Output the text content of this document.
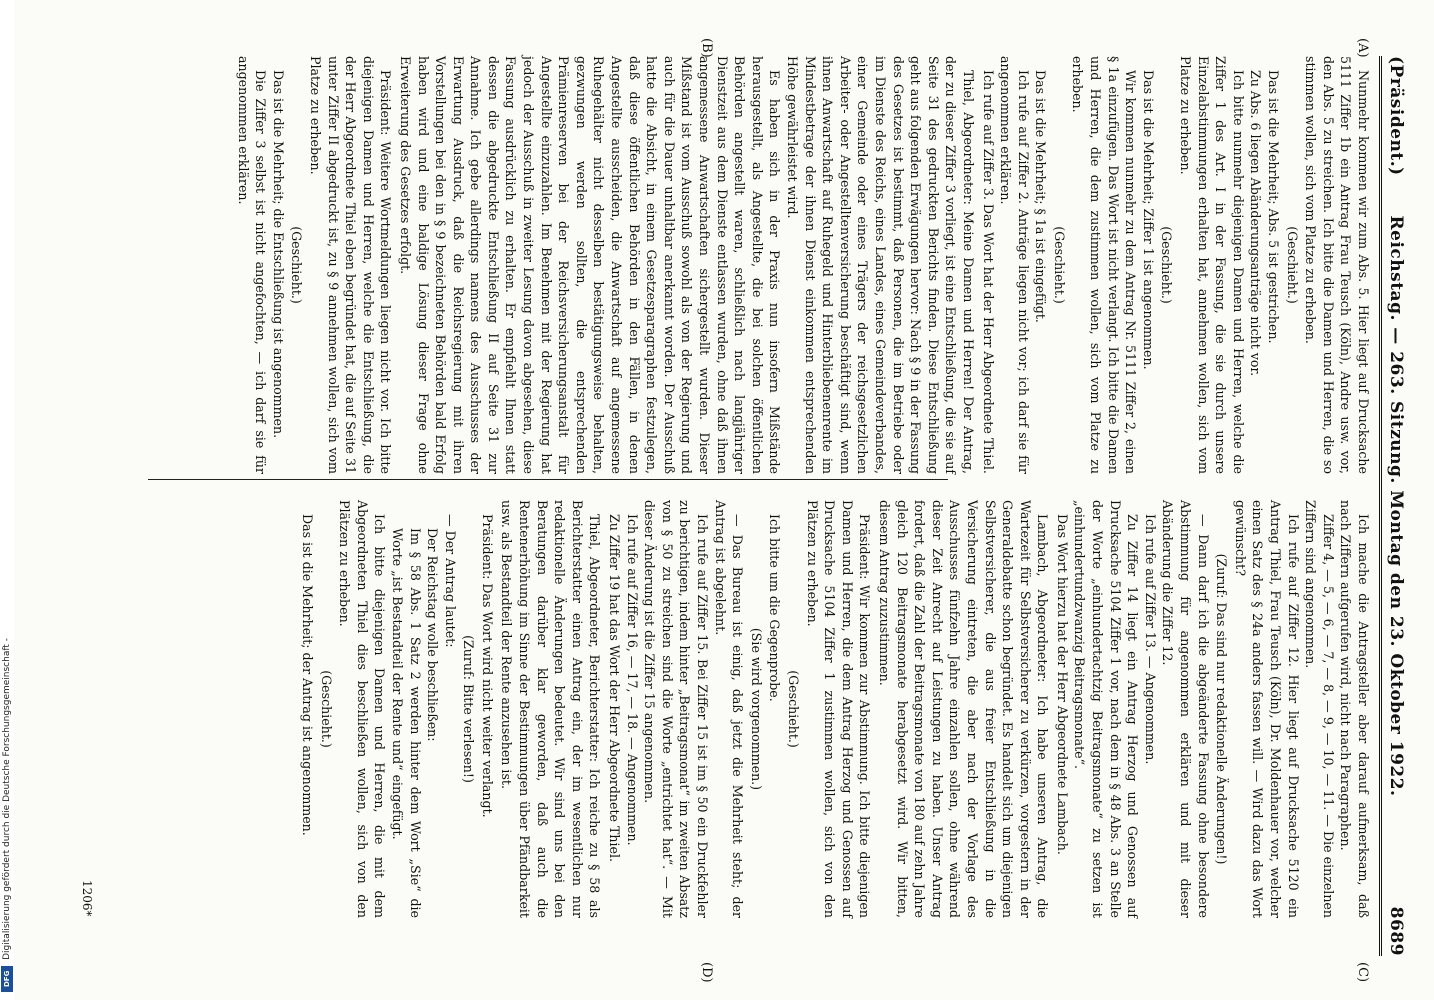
(Präsident.)
Reichstag. — 263. Sitzung. Montag den 23. Oktober 1922.
8689
(A)
(B)
(C)
(D)

Nunmehr kommen wir zum Abs. 5. Hier liegt auf Drucksache 5111 Ziffer 1b ein Antrag Frau Teusch (Köln), Andre usw. vor, den Abs. 5 zu streichen. Ich bitte die Damen und Herren, die so stimmen wollen, sich vom Platze zu erheben.

(Geschieht.)

Das ist die Mehrheit; Abs. 5 ist gestrichen.

Zu Abs. 6 liegen Abänderungsanträge nicht vor.

Ich bitte nunmehr diejenigen Damen und Herren, welche die Ziffer 1 des Art. I in der Fassung, die sie durch unsere Einzelabstimmungen erhalten hat, annehmen wollen, sich vom Platze zu erheben.

(Geschieht.)

Das ist die Mehrheit; Ziffer 1 ist angenommen.

Wir kommen nunmehr zu dem Antrag Nr. 5111 Ziffer 2, einen § 1a einzufügen. Das Wort ist nicht verlangt. Ich bitte die Damen und Herren, die dem zustimmen wollen, sich vom Platze zu erheben.

(Geschieht.)

Das ist die Mehrheit; § 1a ist eingefügt.

Ich rufe auf Ziffer 2. Anträge liegen nicht vor; ich darf sie für angenommen erklären.

Ich rufe auf Ziffer 3. Das Wort hat der Herr Abgeordnete Thiel.

Thiel, Abgeordneter: Meine Damen und Herren! Der Antrag, der zu dieser Ziffer 3 vorliegt, ist eine Entschließung, die sie auf Seite 31 des gedruckten Berichts finden. Diese Entschließung geht aus folgenden Erwägungen hervor: Nach § 9 in der Fassung des Gesetzes ist bestimmt, daß Personen, die im Betriebe oder im Dienste des Reichs, eines Landes, eines Gemeindeverbandes, einer Gemeinde oder eines Trägers der reichsgesetzlichen Arbeiter- oder Angestelltenversicherung beschäftigt sind, wenn ihnen Anwartschaft auf Ruhegeld und Hinterbliebenenrente im Mindestbetrage der ihnen Dienst einkommen entsprechenden Höhe gewährleistet wird.

Es haben sich in der Praxis nun insofern Mißstände herausgestellt, als Angestellte, die bei solchen öffentlichen Behörden angestellt waren, schließlich nach langjähriger Dienstzeit aus dem Dienste entlassen wurden, ohne daß ihnen angemessene Anwartschaften sichergestellt wurden. Dieser Mißstand ist vom Ausschuß sowohl als von der Regierung und auch für die Dauer unhaltbar anerkannt worden. Der Ausschuß hatte die Absicht, in einem Gesetzesparagraphen festzulegen, daß diese öffentlichen Behörden in den Fällen, in denen Angestellte ausscheiden, die Anwartschaft auf angemessene Ruhegehälter nicht desselben bestätigungsweise behalten, gezwungen werden sollten, die entsprechenden Prämienreserven bei der Reichsversicherungsanstalt für Angestellte einzuzahlen. Im Benehmen mit der Regierung hat jedoch der Ausschuß in zweiter Lesung davon abgesehen, diese Fassung ausdrücklich zu erhalten. Er empfiehlt Ihnen statt dessen die abgedruckte Entschließung II auf Seite 31 zur Annahme. Ich gebe allerdings namens des Ausschusses der Erwartung Ausdruck, daß die Reichsregierung mit ihren Vorstellungen bei den in § 9 bezeichneten Behörden bald Erfolg haben wird und eine baldige Lösung dieser Frage ohne Erweiterung des Gesetzes erfolgt.

Präsident: Weitere Wortmeldungen liegen nicht vor. Ich bitte diejenigen Damen und Herren, welche die Entschließung, die der Herr Abgeordnete Thiel eben begründet hat, die auf Seite 31 unter Ziffer II abgedruckt ist, zu § 9 annehmen wollen, sich vom Platze zu erheben.

(Geschieht.)

Das ist die Mehrheit; die Entschließung ist angenommen.

Die Ziffer 3 selbst ist nicht angefochten, — ich darf sie für angenommen erklären.

Ich mache die Antragsteller aber darauf aufmerksam, daß nach Ziffern aufgerufen wird, nicht nach Paragraphen.

Ziffer 4, — 5, — 6, — 7, — 8, — 9, — 10, — 11. — Die einzelnen Ziffern sind angenommen.

Ich rufe auf Ziffer 12. Hier liegt auf Drucksache 5120 ein Antrag Thiel, Frau Teusch (Köln), Dr. Moldenhauer vor, welcher einen Satz des § 24a anders fassen will. — Wird dazu das Wort gewünscht?

(Zuruf: Das sind nur redaktionelle Änderungen!)

— Dann darf ich die abgeänderte Fassung ohne besondere Abstimmung für angenommen erklären und mit dieser Abänderung die Ziffer 12.

Ich rufe auf Ziffer 13. — Angenommen.

Zu Ziffer 14 liegt ein Antrag Herzog und Genossen auf Drucksache 5104 Ziffer 1 vor, nach dem in § 48 Abs. 3 an Stelle der Worte „einhundertachtzig Beitragsmonate“ zu setzen ist „einhundertundzwanzig Beitragsmonate“.

Das Wort hierzu hat der Herr Abgeordnete Lambach.

Lambach, Abgeordneter: Ich habe unseren Antrag, die Wartezeit für Selbstversicherer zu verkürzen, vorgestern in der Generaldebatte schon begründet. Es handelt sich um diejenigen Selbstversicherer, die aus freier Entschließung in die Versicherung eintreten, die aber nach der Vorlage des Ausschusses fünfzehn Jahre einzahlen sollen, ohne während dieser Zeit Anrecht auf Leistungen zu haben. Unser Antrag fordert, daß die Zahl der Beitragsmonate von 180 auf zehn Jahre gleich 120 Beitragsmonate herabgesetzt wird. Wir bitten, diesem Antrag zuzustimmen.

Präsident: Wir kommen zur Abstimmung. Ich bitte diejenigen Damen und Herren, die dem Antrag Herzog und Genossen auf Drucksache 5104 Ziffer 1 zustimmen wollen, sich von den Plätzen zu erheben.

(Geschieht.)

Ich bitte um die Gegenprobe.

(Sie wird vorgenommen.)

— Das Bureau ist einig, daß jetzt die Mehrheit steht; der Antrag ist abgelehnt.

Ich rufe auf Ziffer 15. Bei Ziffer 15 ist im § 50 ein Druckfehler zu berichtigen, indem hinter „Beitragsmonat“ im zweiten Absatz von § 50 zu streichen sind die Worte „entrichtet hat“. — Mit dieser Änderung ist die Ziffer 15 angenommen.

Ich rufe auf Ziffer 16, — 17, — 18. — Angenommen.

Zu Ziffer 19 hat das Wort der Herr Abgeordnete Thiel.

Thiel, Abgeordneter, Berichterstatter: Ich reiche zu § 58 als Berichterstatter einen Antrag ein, der im wesentlichen nur redaktionelle Änderungen bedeutet. Wir sind uns bei den Beratungen darüber klar geworden, daß auch die Rentenerhöhung im Sinne der Bestimmungen über Pfändbarkeit usw. als Bestandteil der Rente anzusehen ist.

Präsident: Das Wort wird nicht weiter verlangt.

(Zuruf: Bitte verlesen!)

— Der Antrag lautet:

Der Reichstag wolle beschließen:

Im § 58 Abs. 1 Satz 2 werden hinter dem Wort „Sie“ die Worte „ist Bestandteil der Rente und“ eingefügt.

Ich bitte diejenigen Damen und Herren, die mit dem Abgeordneten Thiel dies beschließen wollen, sich von den Plätzen zu erheben.

(Geschieht.)

Das ist die Mehrheit; der Antrag ist angenommen.

1206*
Digitalisierung gefördert durch die Deutsche Forschungsgemeinschaft -
DFG
